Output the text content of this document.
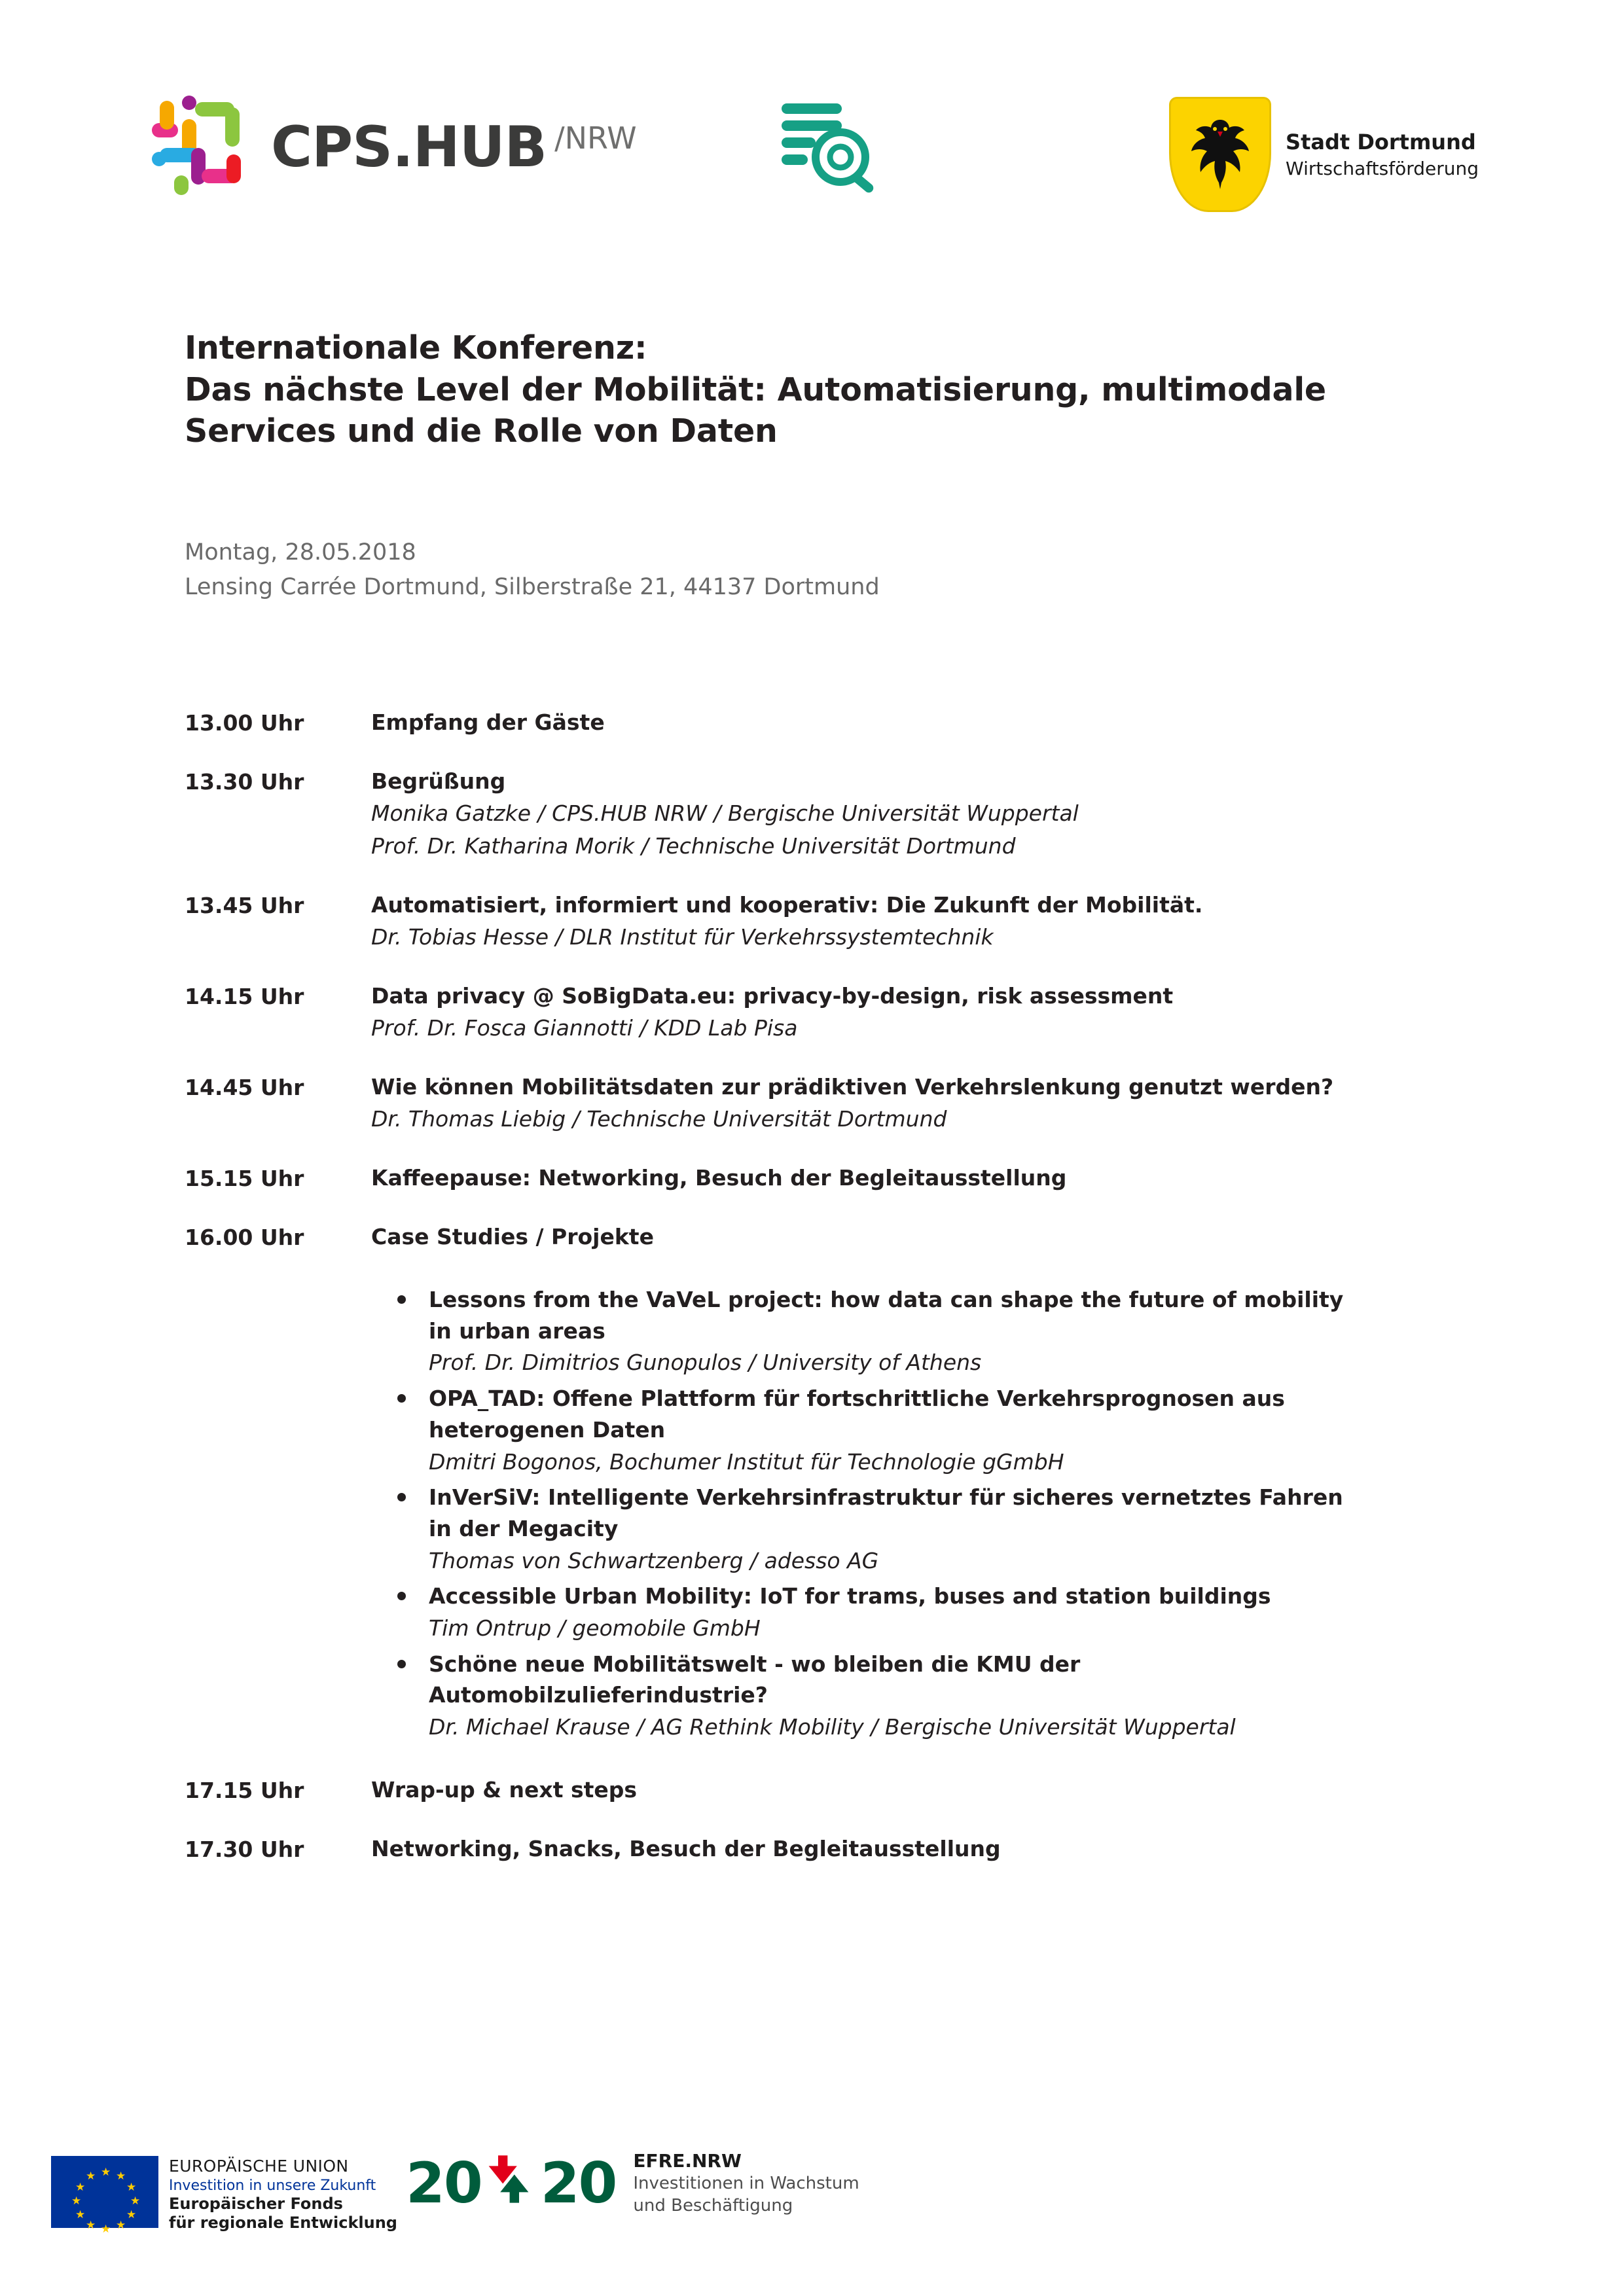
CPS.HUB /NRW	Stadt Dortmund
Wirtschaftsförderung
Internationale Konferenz:
Das nächste Level der Mobilität: Automatisierung, multimodale
Services und die Rolle von Daten
Montag, 28.05.2018
Lensing Carrée Dortmund, Silberstraße 21, 44137 Dortmund
13.00 Uhr	Empfang der Gäste
13.30 Uhr	Begrüßung
Monika Gatzke / CPS.HUB NRW / Bergische Universität Wuppertal
Prof. Dr. Katharina Morik / Technische Universität Dortmund
13.45 Uhr	Automatisiert, informiert und kooperativ: Die Zukunft der Mobilität.
Dr. Tobias Hesse / DLR Institut für Verkehrssystemtechnik
14.15 Uhr	Data privacy @ SoBigData.eu: privacy-by-design, risk assessment
Prof. Dr. Fosca Giannotti / KDD Lab Pisa
14.45 Uhr	Wie können Mobilitätsdaten zur prädiktiven Verkehrslenkung genutzt werden?
Dr. Thomas Liebig / Technische Universität Dortmund
15.15 Uhr	Kaffeepause: Networking, Besuch der Begleitausstellung
16.00 Uhr	Case Studies / Projekte
Lessons from the VaVeL project: how data can shape the future of mobility
in urban areas
Prof. Dr. Dimitrios Gunopulos / University of Athens
OPA_TAD: Offene Plattform für fortschrittliche Verkehrsprognosen aus
heterogenen Daten
Dmitri Bogonos, Bochumer Institut für Technologie gGmbH
InVerSiV: Intelligente Verkehrsinfrastruktur für sicheres vernetztes Fahren
in der Megacity
Thomas von Schwartzenberg / adesso AG
Accessible Urban Mobility: IoT for trams, buses and station buildings
Tim Ontrup / geomobile GmbH
Schöne neue Mobilitätswelt - wo bleiben die KMU der
Automobilzulieferindustrie?
Dr. Michael Krause / AG Rethink Mobility / Bergische Universität Wuppertal
17.15 Uhr	Wrap-up & next steps
17.30 Uhr	Networking, Snacks, Besuch der Begleitausstellung
★ ★
★
★
★
★
★
★
★
★
★
★
EUROPÄISCHE UNION
Investition in unsere Zukunft
Europäischer Fonds
für regionale Entwicklung
20 20 EFRE.NRW
Investitionen in Wachstum
und Beschäftigung
